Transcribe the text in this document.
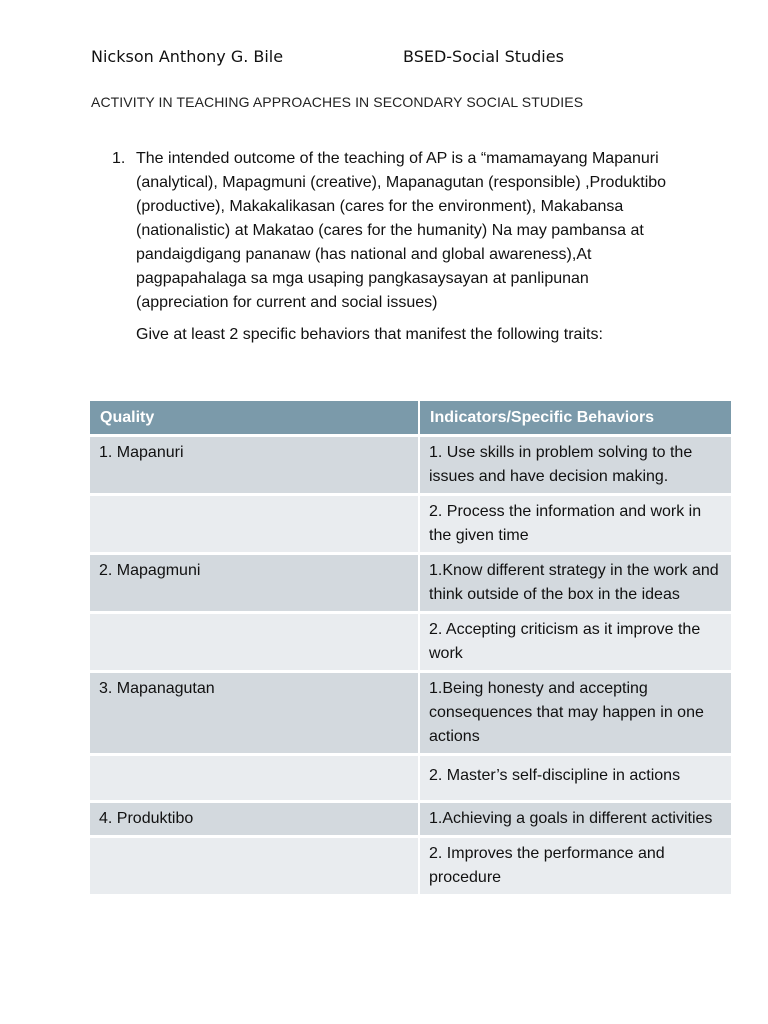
Nickson Anthony G. Bile	BSED-Social Studies
ACTIVITY IN TEACHING APPROACHES IN SECONDARY SOCIAL STUDIES
1. The intended outcome of the teaching of AP is a “mamamayang Mapanuri (analytical), Mapagmuni (creative), Mapanagutan (responsible) ,Produktibo (productive), Makakalikasan (cares for the environment), Makabansa (nationalistic) at Makatao (cares for the humanity) Na may pambansa at pandaigdigang pananaw (has national and global awareness),At pagpapahalaga sa mga usaping pangkasaysayan at panlipunan (appreciation for current and social issues)
Give at least 2 specific behaviors that manifest the following traits:
Quality	Indicators/Specific Behaviors
1. Mapanuri	1. Use skills in problem solving to the issues and have decision making.
	2. Process the information and work in the given time
2. Mapagmuni	1.Know different strategy in the work and think outside of the box in the ideas
	2. Accepting criticism as it improve the work
3. Mapanagutan	1.Being honesty and accepting consequences that may happen in one actions
	2. Master’s self-discipline in actions
4. Produktibo	1.Achieving a goals in different activities
	2. Improves the performance and procedure
